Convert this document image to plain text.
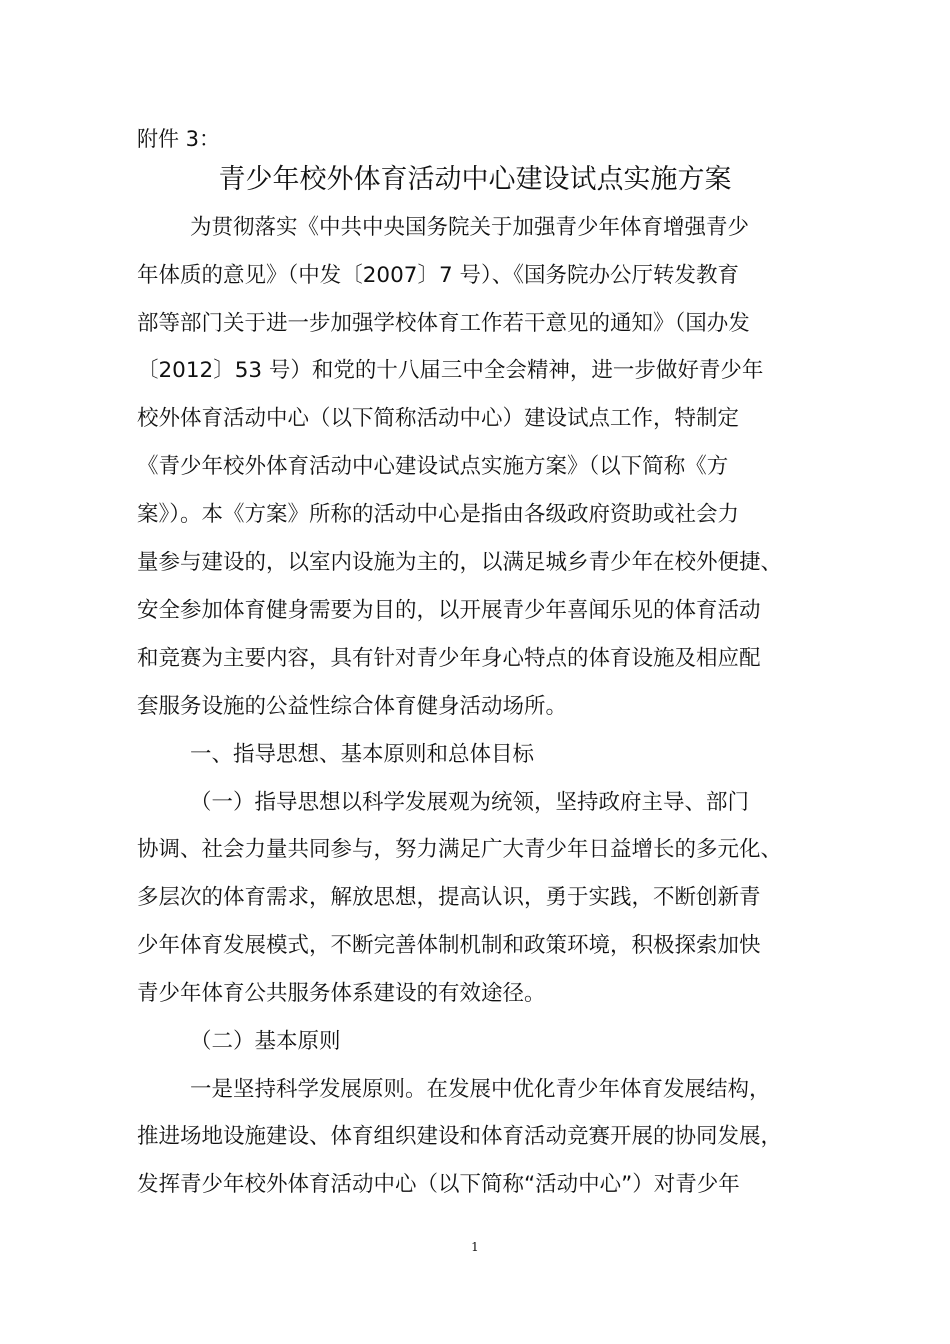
附件 3：
青少年校外体育活动中心建设试点实施方案
为贯彻落实《中共中央国务院关于加强青少年体育增强青少
年体质的意见》（中发〔2007〕7 号）、《国务院办公厅转发教育
部等部门关于进一步加强学校体育工作若干意见的通知》（国办发
〔2012〕53 号）和党的十八届三中全会精神，进一步做好青少年
校外体育活动中心（以下简称活动中心）建设试点工作，特制定
《青少年校外体育活动中心建设试点实施方案》（以下简称《方
案》）。本《方案》所称的活动中心是指由各级政府资助或社会力
量参与建设的，以室内设施为主的，以满足城乡青少年在校外便捷、
安全参加体育健身需要为目的，以开展青少年喜闻乐见的体育活动
和竞赛为主要内容，具有针对青少年身心特点的体育设施及相应配
套服务设施的公益性综合体育健身活动场所。
一、指导思想、基本原则和总体目标
（一）指导思想以科学发展观为统领，坚持政府主导、部门
协调、社会力量共同参与，努力满足广大青少年日益增长的多元化、
多层次的体育需求，解放思想，提高认识，勇于实践，不断创新青
少年体育发展模式，不断完善体制机制和政策环境，积极探索加快
青少年体育公共服务体系建设的有效途径。
（二）基本原则
一是坚持科学发展原则。在发展中优化青少年体育发展结构，
推进场地设施建设、体育组织建设和体育活动竞赛开展的协同发展，
发挥青少年校外体育活动中心（以下简称“活动中心”）对青少年
1
